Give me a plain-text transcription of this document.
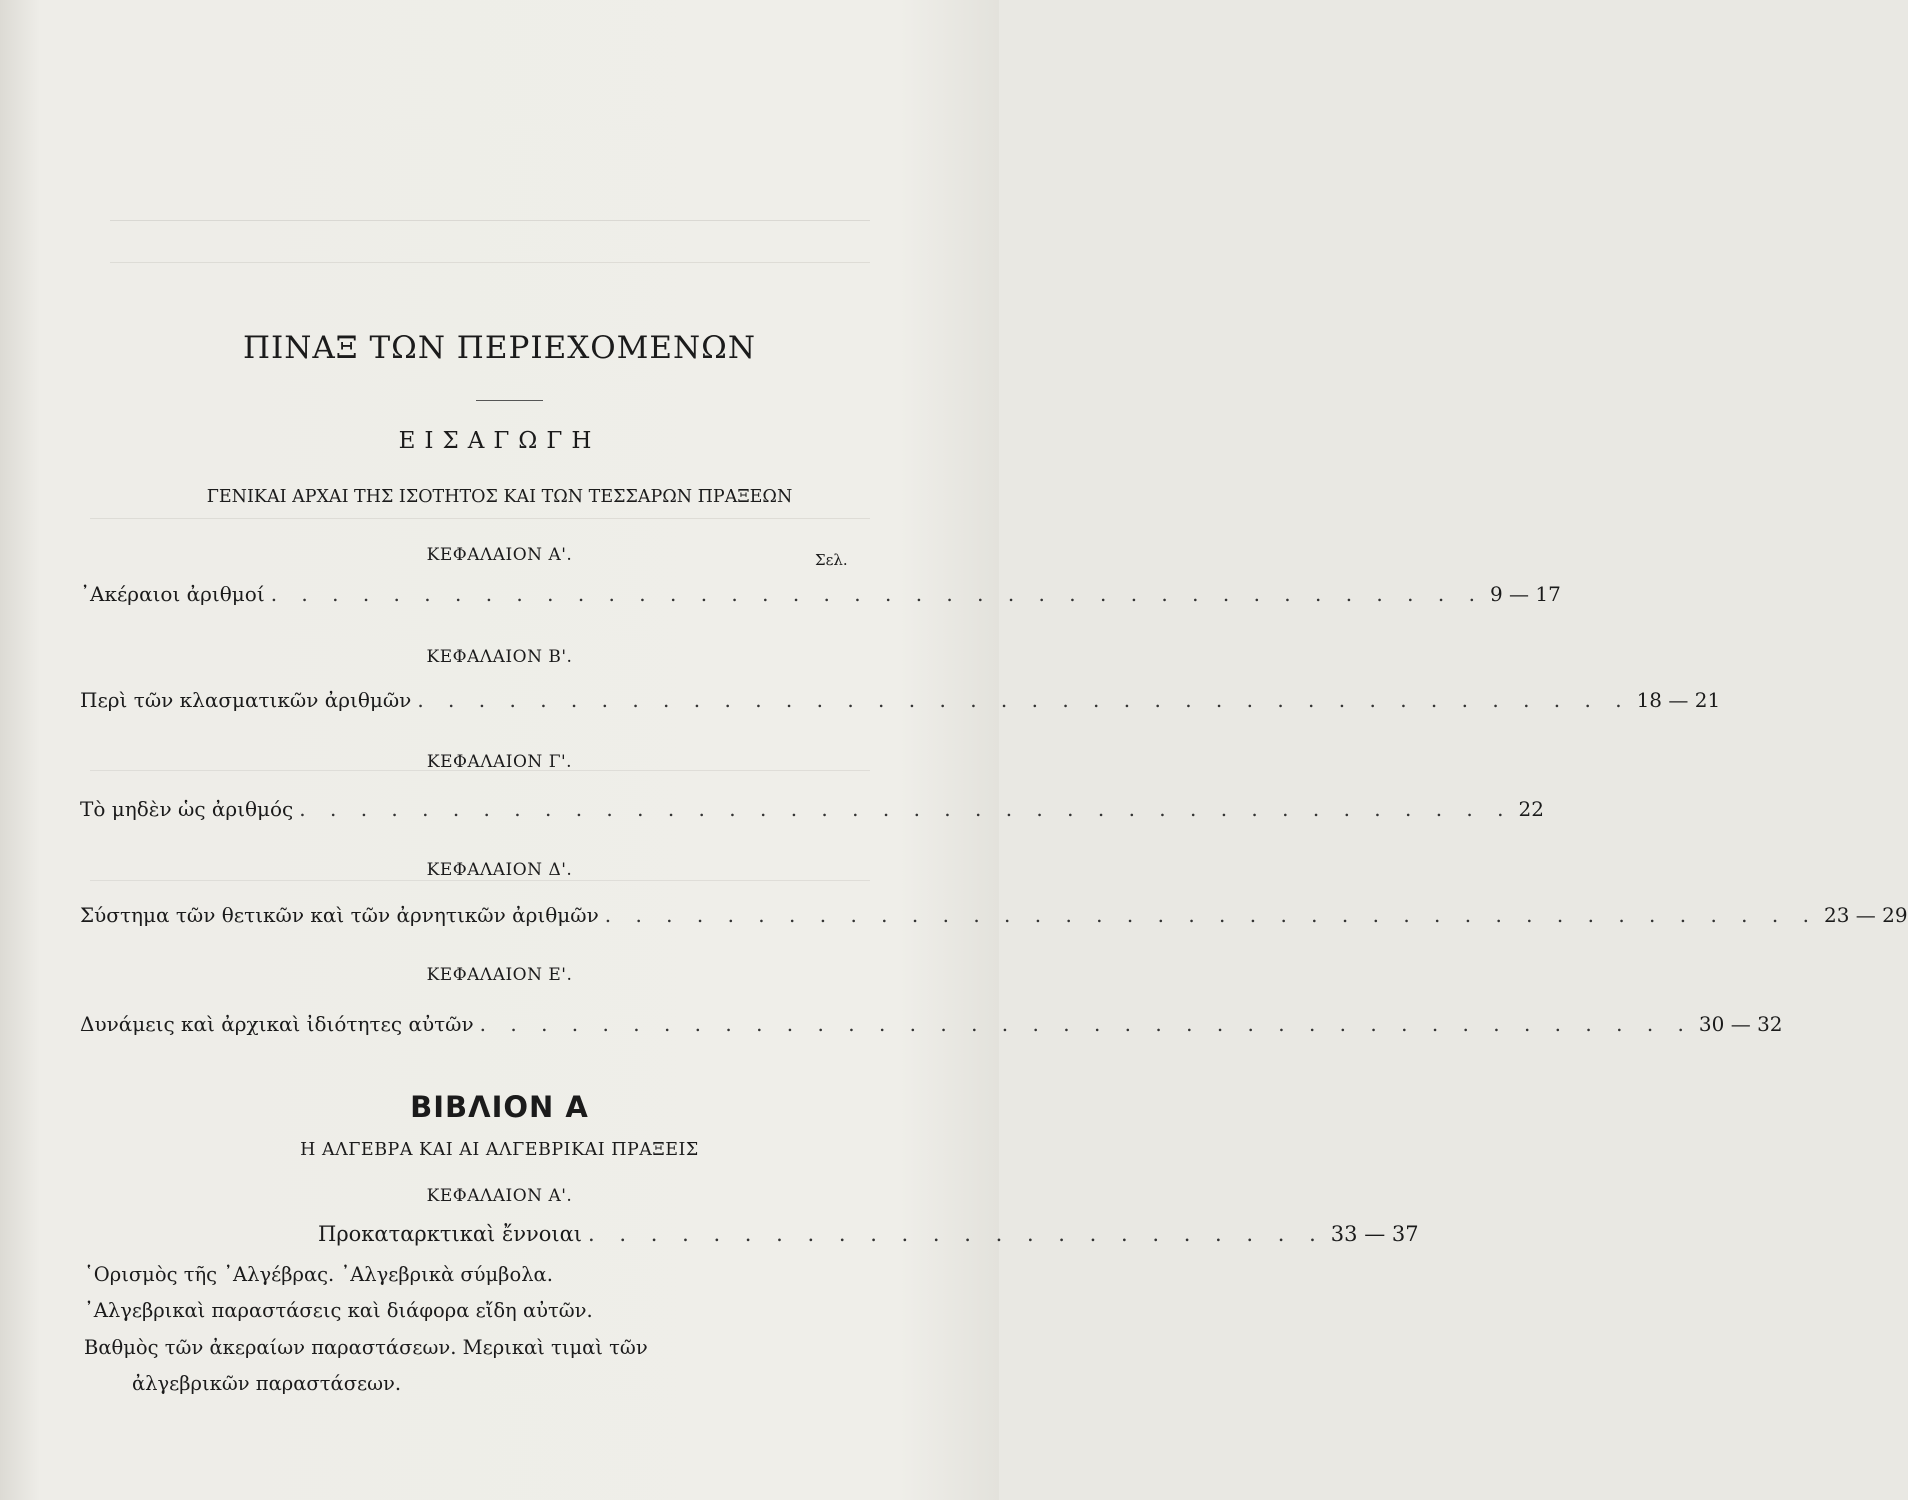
ΠΙΝΑΞ ΤΩΝ ΠΕΡΙΕΧΟΜΕΝΩΝ
ΕΙΣΑΓΩΓΗ
ΓΕΝΙΚΑΙ ΑΡΧΑΙ ΤΗΣ ΙΣΟΤΗΤΟΣ ΚΑΙ ΤΩΝ ΤΕΣΣΑΡΩΝ ΠΡΑΞΕΩΝ
ΚΕΦΑΛΑΙΟΝ Α'.	Σελ.
᾿Ακέραιοι ἀριθμοί . . . . . . . . . . . . . . . . . . . . . . . . . . . . . . . . . . . . . . . . 9 — 17
ΚΕΦΑΛΑΙΟΝ Β'.
Περὶ τῶν κλασματικῶν ἀριθμῶν . . . . . . . . . . . . . . . . . . . . . . . . . . . . . . . . . . . . . . . . 18 — 21
ΚΕΦΑΛΑΙΟΝ Γ'.
Τὸ μηδὲν ὡς ἀριθμός . . . . . . . . . . . . . . . . . . . . . . . . . . . . . . . . . . . . . . . . 22
ΚΕΦΑΛΑΙΟΝ Δ'.
Σύστημα τῶν θετικῶν καὶ τῶν ἀρνητικῶν ἀριθμῶν . . . . . . . . . . . . . . . . . . . . . . . . . . . . . . . . . . . . . . . . 23 — 29
ΚΕΦΑΛΑΙΟΝ Ε'.
Δυνάμεις καὶ ἀρχικαὶ ἰδιότητες αὐτῶν . . . . . . . . . . . . . . . . . . . . . . . . . . . . . . . . . . . . . . . . 30 — 32
ΒΙΒΛΙΟΝ Α
Η ΑΛΓΕΒΡΑ ΚΑΙ ΑΙ ΑΛΓΕΒΡΙΚΑΙ ΠΡΑΞΕΙΣ
ΚΕΦΑΛΑΙΟΝ Α'.
Προκαταρκτικαὶ ἔννοιαι . . . . . . . . . . . . . . . . . . . . . . . . 33 — 37
῾Ορισμὸς τῆς ᾿Αλγέβρας. ᾿Αλγεβρικὰ σύμβολα.
᾿Αλγεβρικαὶ παραστάσεις καὶ διάφορα εἴδη αὐτῶν.
Βαθμὸς τῶν ἀκεραίων παραστάσεων. Μερικαὶ τιμαὶ τῶν
ἀλγεβρικῶν παραστάσεων.
